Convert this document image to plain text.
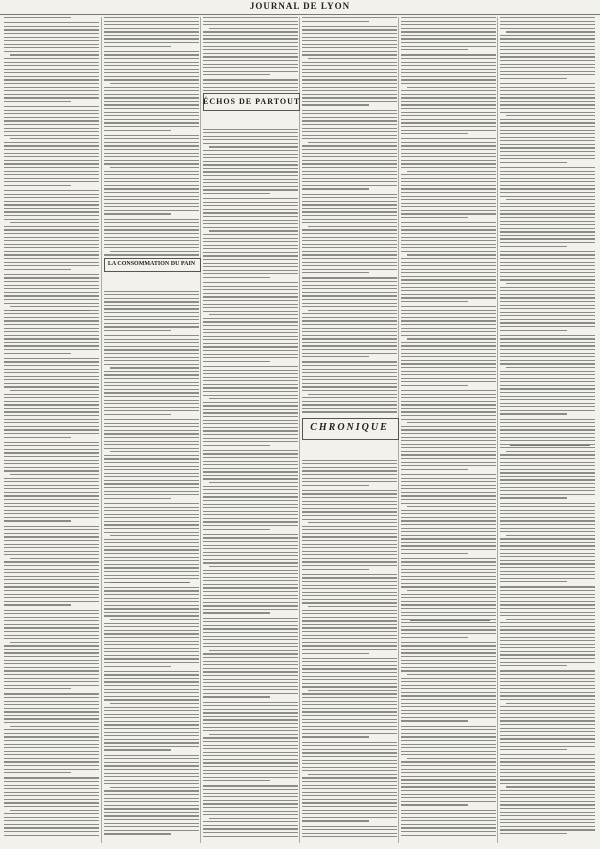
JOURNAL DE LYON
LA CONSOMMATION DU PAIN
ÉCHOS DE PARTOUT
CHRONIQUE
